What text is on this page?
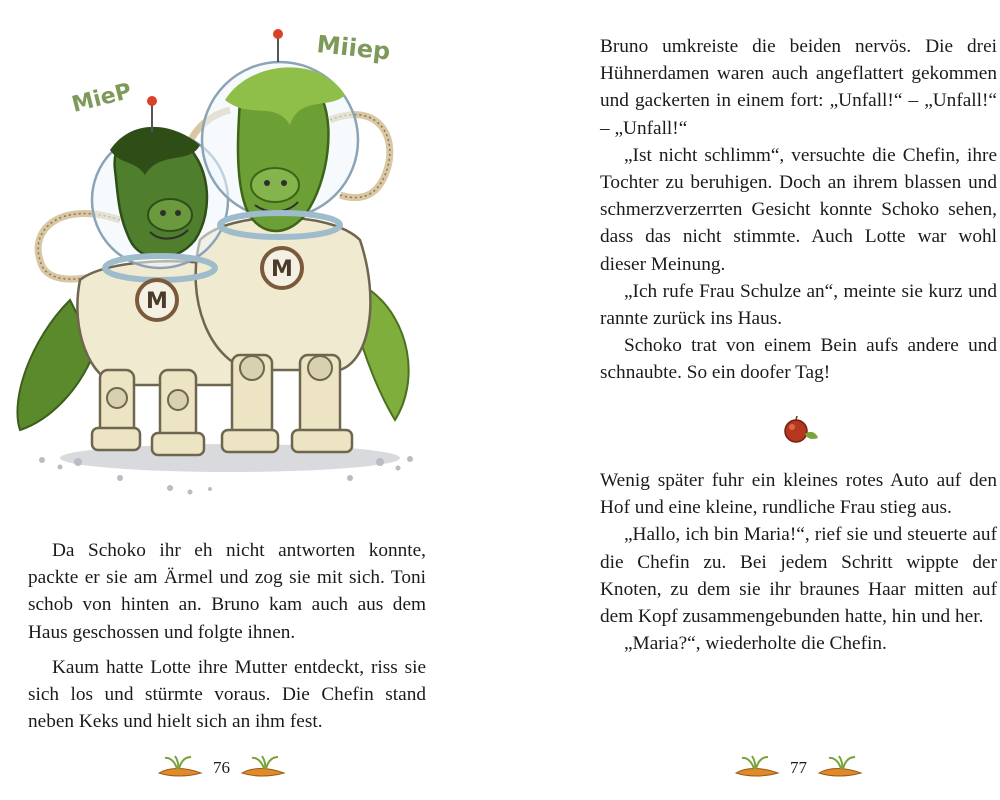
M
M
MieP
Miiep

Da Schoko ihr eh nicht antworten konnte, packte er sie am Ärmel und zog sie mit sich. Toni schob von hinten an. Bruno kam auch aus dem Haus geschossen und folgte ihnen.

Kaum hatte Lotte ihre Mutter entdeckt, riss sie sich los und stürmte voraus. Die Chefin stand neben Keks und hielt sich an ihm fest.

76

Bruno umkreiste die beiden nervös. Die drei Hühnerdamen waren auch angeflattert gekommen und gackerten in einem fort: „Unfall!“ – „Unfall!“ – „Unfall!“

„Ist nicht schlimm“, versuchte die Chefin, ihre Tochter zu beruhigen. Doch an ihrem blassen und schmerzverzerrten Gesicht konnte Schoko sehen, dass das nicht stimmte. Auch Lotte war wohl dieser Meinung.

„Ich rufe Frau Schulze an“, meinte sie kurz und rannte zurück ins Haus.

Schoko trat von einem Bein aufs andere und schnaubte. So ein doofer Tag!

Wenig später fuhr ein kleines rotes Auto auf den Hof und eine kleine, rundliche Frau stieg aus.

„Hallo, ich bin Maria!“, rief sie und steuerte auf die Chefin zu. Bei jedem Schritt wippte der Knoten, zu dem sie ihr braunes Haar mitten auf dem Kopf zusammengebunden hatte, hin und her.

„Maria?“, wiederholte die Chefin.

77
